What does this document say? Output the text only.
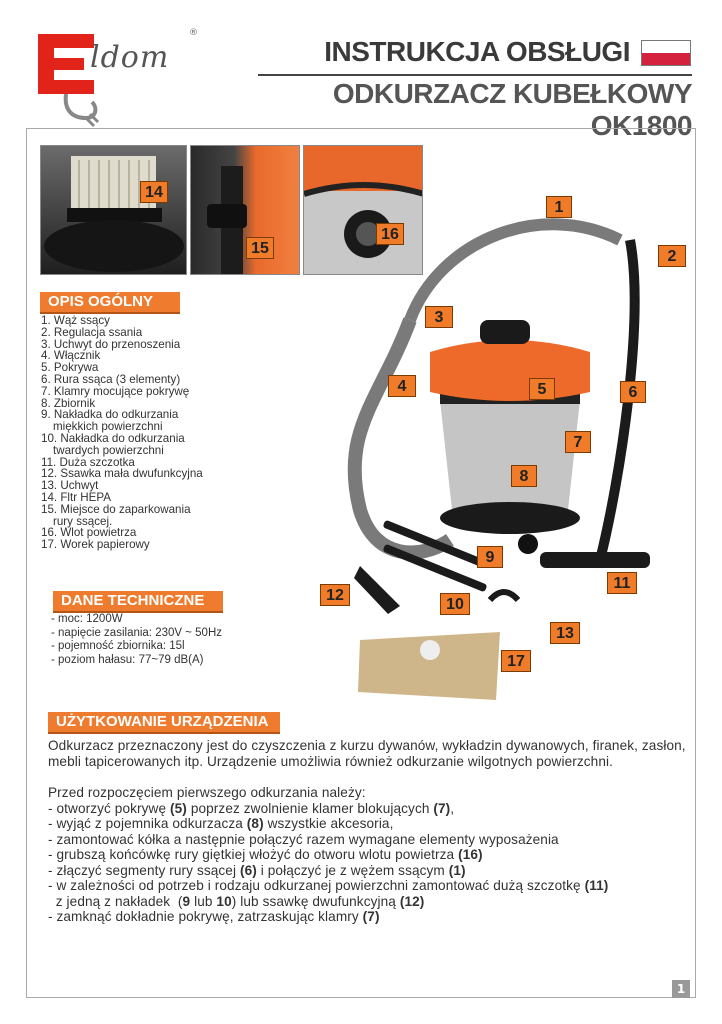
ldom
®
INSTRUKCJA OBSŁUGI
ODKURZACZ KUBEŁKOWY OK1800
14
15
16
OPIS OGÓLNY
1. Wąż ssący
2. Regulacja ssania
3. Uchwyt do przenoszenia
4. Włącznik
5. Pokrywa
6. Rura ssąca (3 elementy)
7. Klamry mocujące pokrywę
8. Zbiornik
9. Nakładka do odkurzania
miękkich powierzchni
10. Nakładka do odkurzania
twardych powierzchni
11. Duża szczotka
12. Ssawka mała dwufunkcyjna
13. Uchwyt
14. Fltr HEPA
15. Miejsce do zaparkowania
rury ssącej.
16. Wlot powietrza
17. Worek papierowy
DANE TECHNICZNE
- moc: 1200W
- napięcie zasilania: 230V ~ 50Hz
- pojemność zbiornika: 15l
- poziom hałasu: 77~79 dB(A)
1
2
3
4	5	6
7
8
9
10
11
12
13
17
UŻYTKOWANIE URZĄDZENIA

Odkurzacz przeznaczony jest do czyszczenia z kurzu dywanów, wykładzin dywanowych, firanek, zasłon, mebli tapicerowanych itp. Urządzenie umożliwia również odkurzanie wilgotnych powierzchni.

Przed rozpoczęciem pierwszego odkurzania należy:

- otworzyć pokrywę (5) poprzez zwolnienie klamer blokujących (7),
- wyjąć z pojemnika odkurzacza (8) wszystkie akcesoria,
- zamontować kółka a następnie połączyć razem wymagane elementy wyposażenia
- grubszą końcówkę rury giętkiej włożyć do otworu wlotu powietrza (16)
- złączyć segmenty rury ssącej (6) i połączyć je z wężem ssącym (1)
- w zależności od potrzeb i rodzaju odkurzanej powierzchni zamontować dużą szczotkę (11)
z jedną z nakładek  (9 lub 10) lub ssawkę dwufunkcyjną (12)
- zamknąć dokładnie pokrywę, zatrzaskując klamry (7)
1
